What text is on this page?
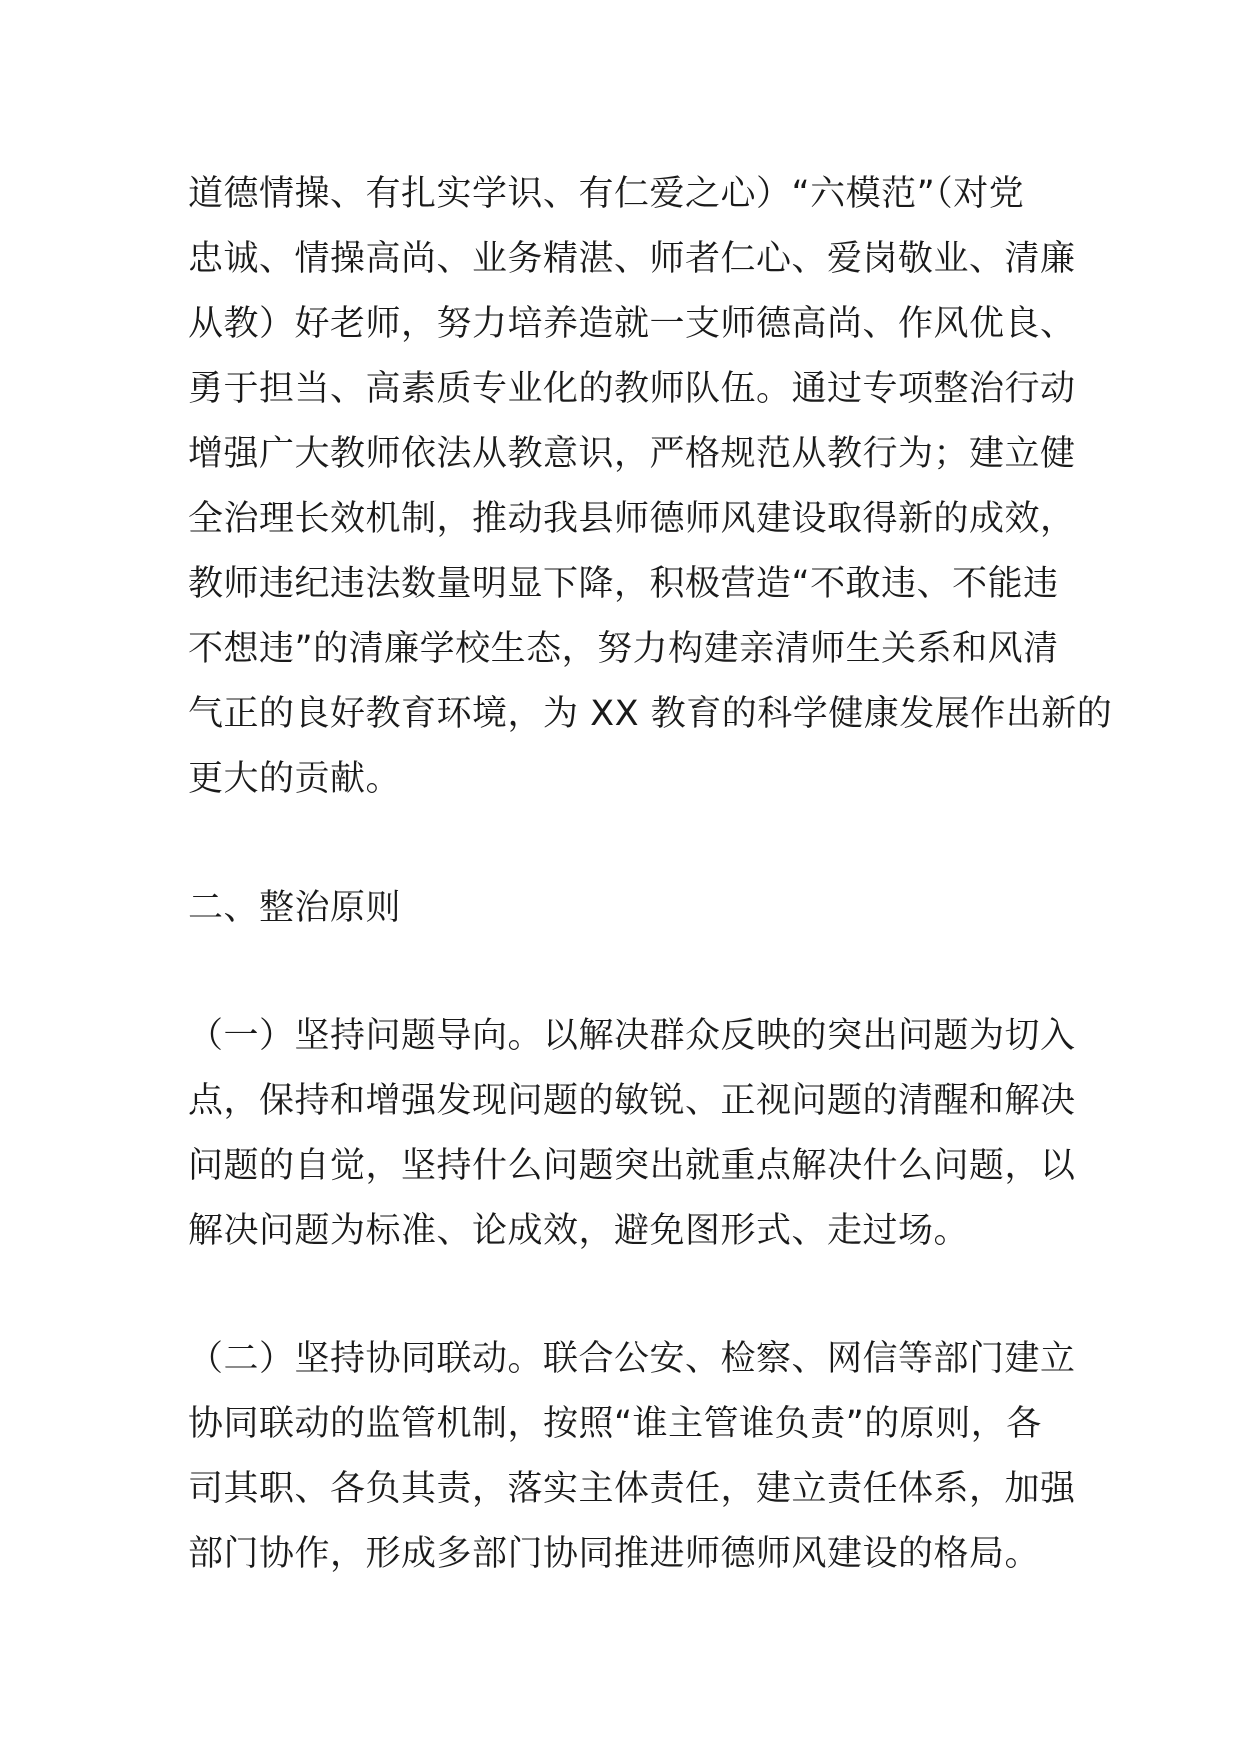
道德情操、有扎实学识、有仁爱之心）“六模范”（对党
忠诚、情操高尚、业务精湛、师者仁心、爱岗敬业、清廉
从教）好老师，努力培养造就一支师德高尚、作风优良、
勇于担当、高素质专业化的教师队伍。通过专项整治行动
增强广大教师依法从教意识，严格规范从教行为；建立健
全治理长效机制，推动我县师德师风建设取得新的成效，
教师违纪违法数量明显下降，积极营造“不敢违、不能违
不想违”的清廉学校生态，努力构建亲清师生关系和风清
气正的良好教育环境，为 XX 教育的科学健康发展作出新的
更大的贡献。
二、整治原则
（一）坚持问题导向。以解决群众反映的突出问题为切入
点，保持和增强发现问题的敏锐、正视问题的清醒和解决
问题的自觉，坚持什么问题突出就重点解决什么问题，以
解决问题为标准、论成效，避免图形式、走过场。
（二）坚持协同联动。联合公安、检察、网信等部门建立
协同联动的监管机制，按照“谁主管谁负责”的原则，各
司其职、各负其责，落实主体责任，建立责任体系，加强
部门协作，形成多部门协同推进师德师风建设的格局。
